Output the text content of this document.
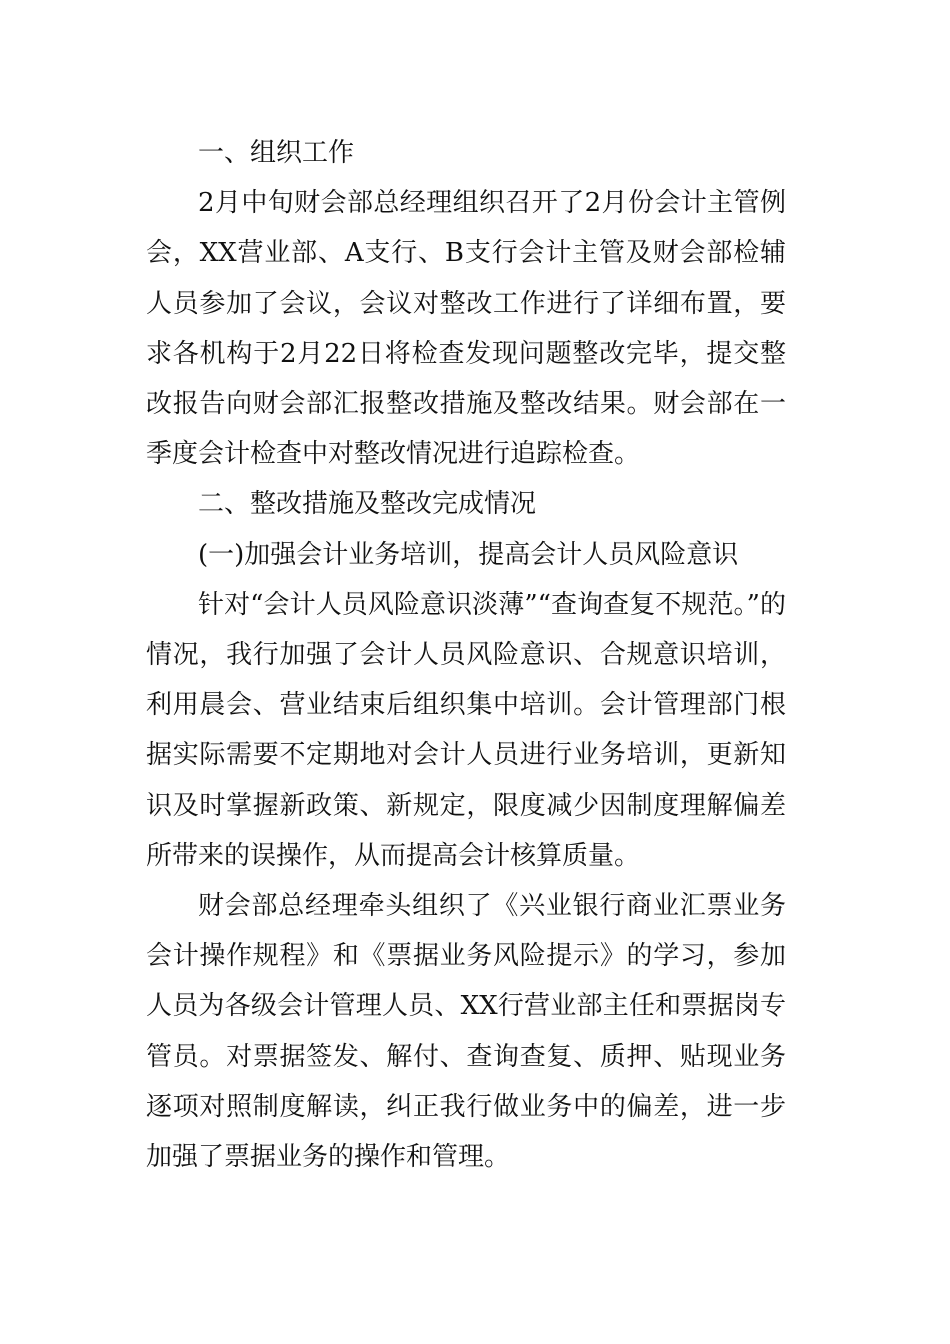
一、组织工作

2月中旬财会部总经理组织召开了2月份会计主管例会，XX营业部、A支行、B支行会计主管及财会部检辅人员参加了会议，会议对整改工作进行了详细布置，要求各机构于2月22日将检查发现问题整改完毕，提交整改报告向财会部汇报整改措施及整改结果。财会部在一季度会计检查中对整改情况进行追踪检查。

二、整改措施及整改完成情况

(一)加强会计业务培训，提高会计人员风险意识

针对“会计人员风险意识淡薄”“查询查复不规范。”的情况，我行加强了会计人员风险意识、合规意识培训，利用晨会、营业结束后组织集中培训。会计管理部门根据实际需要不定期地对会计人员进行业务培训，更新知识及时掌握新政策、新规定，限度减少因制度理解偏差所带来的误操作，从而提高会计核算质量。

财会部总经理牵头组织了《兴业银行商业汇票业务会计操作规程》和《票据业务风险提示》的学习，参加人员为各级会计管理人员、XX行营业部主任和票据岗专管员。对票据签发、解付、查询查复、质押、贴现业务逐项对照制度解读，纠正我行做业务中的偏差，进一步加强了票据业务的操作和管理。
